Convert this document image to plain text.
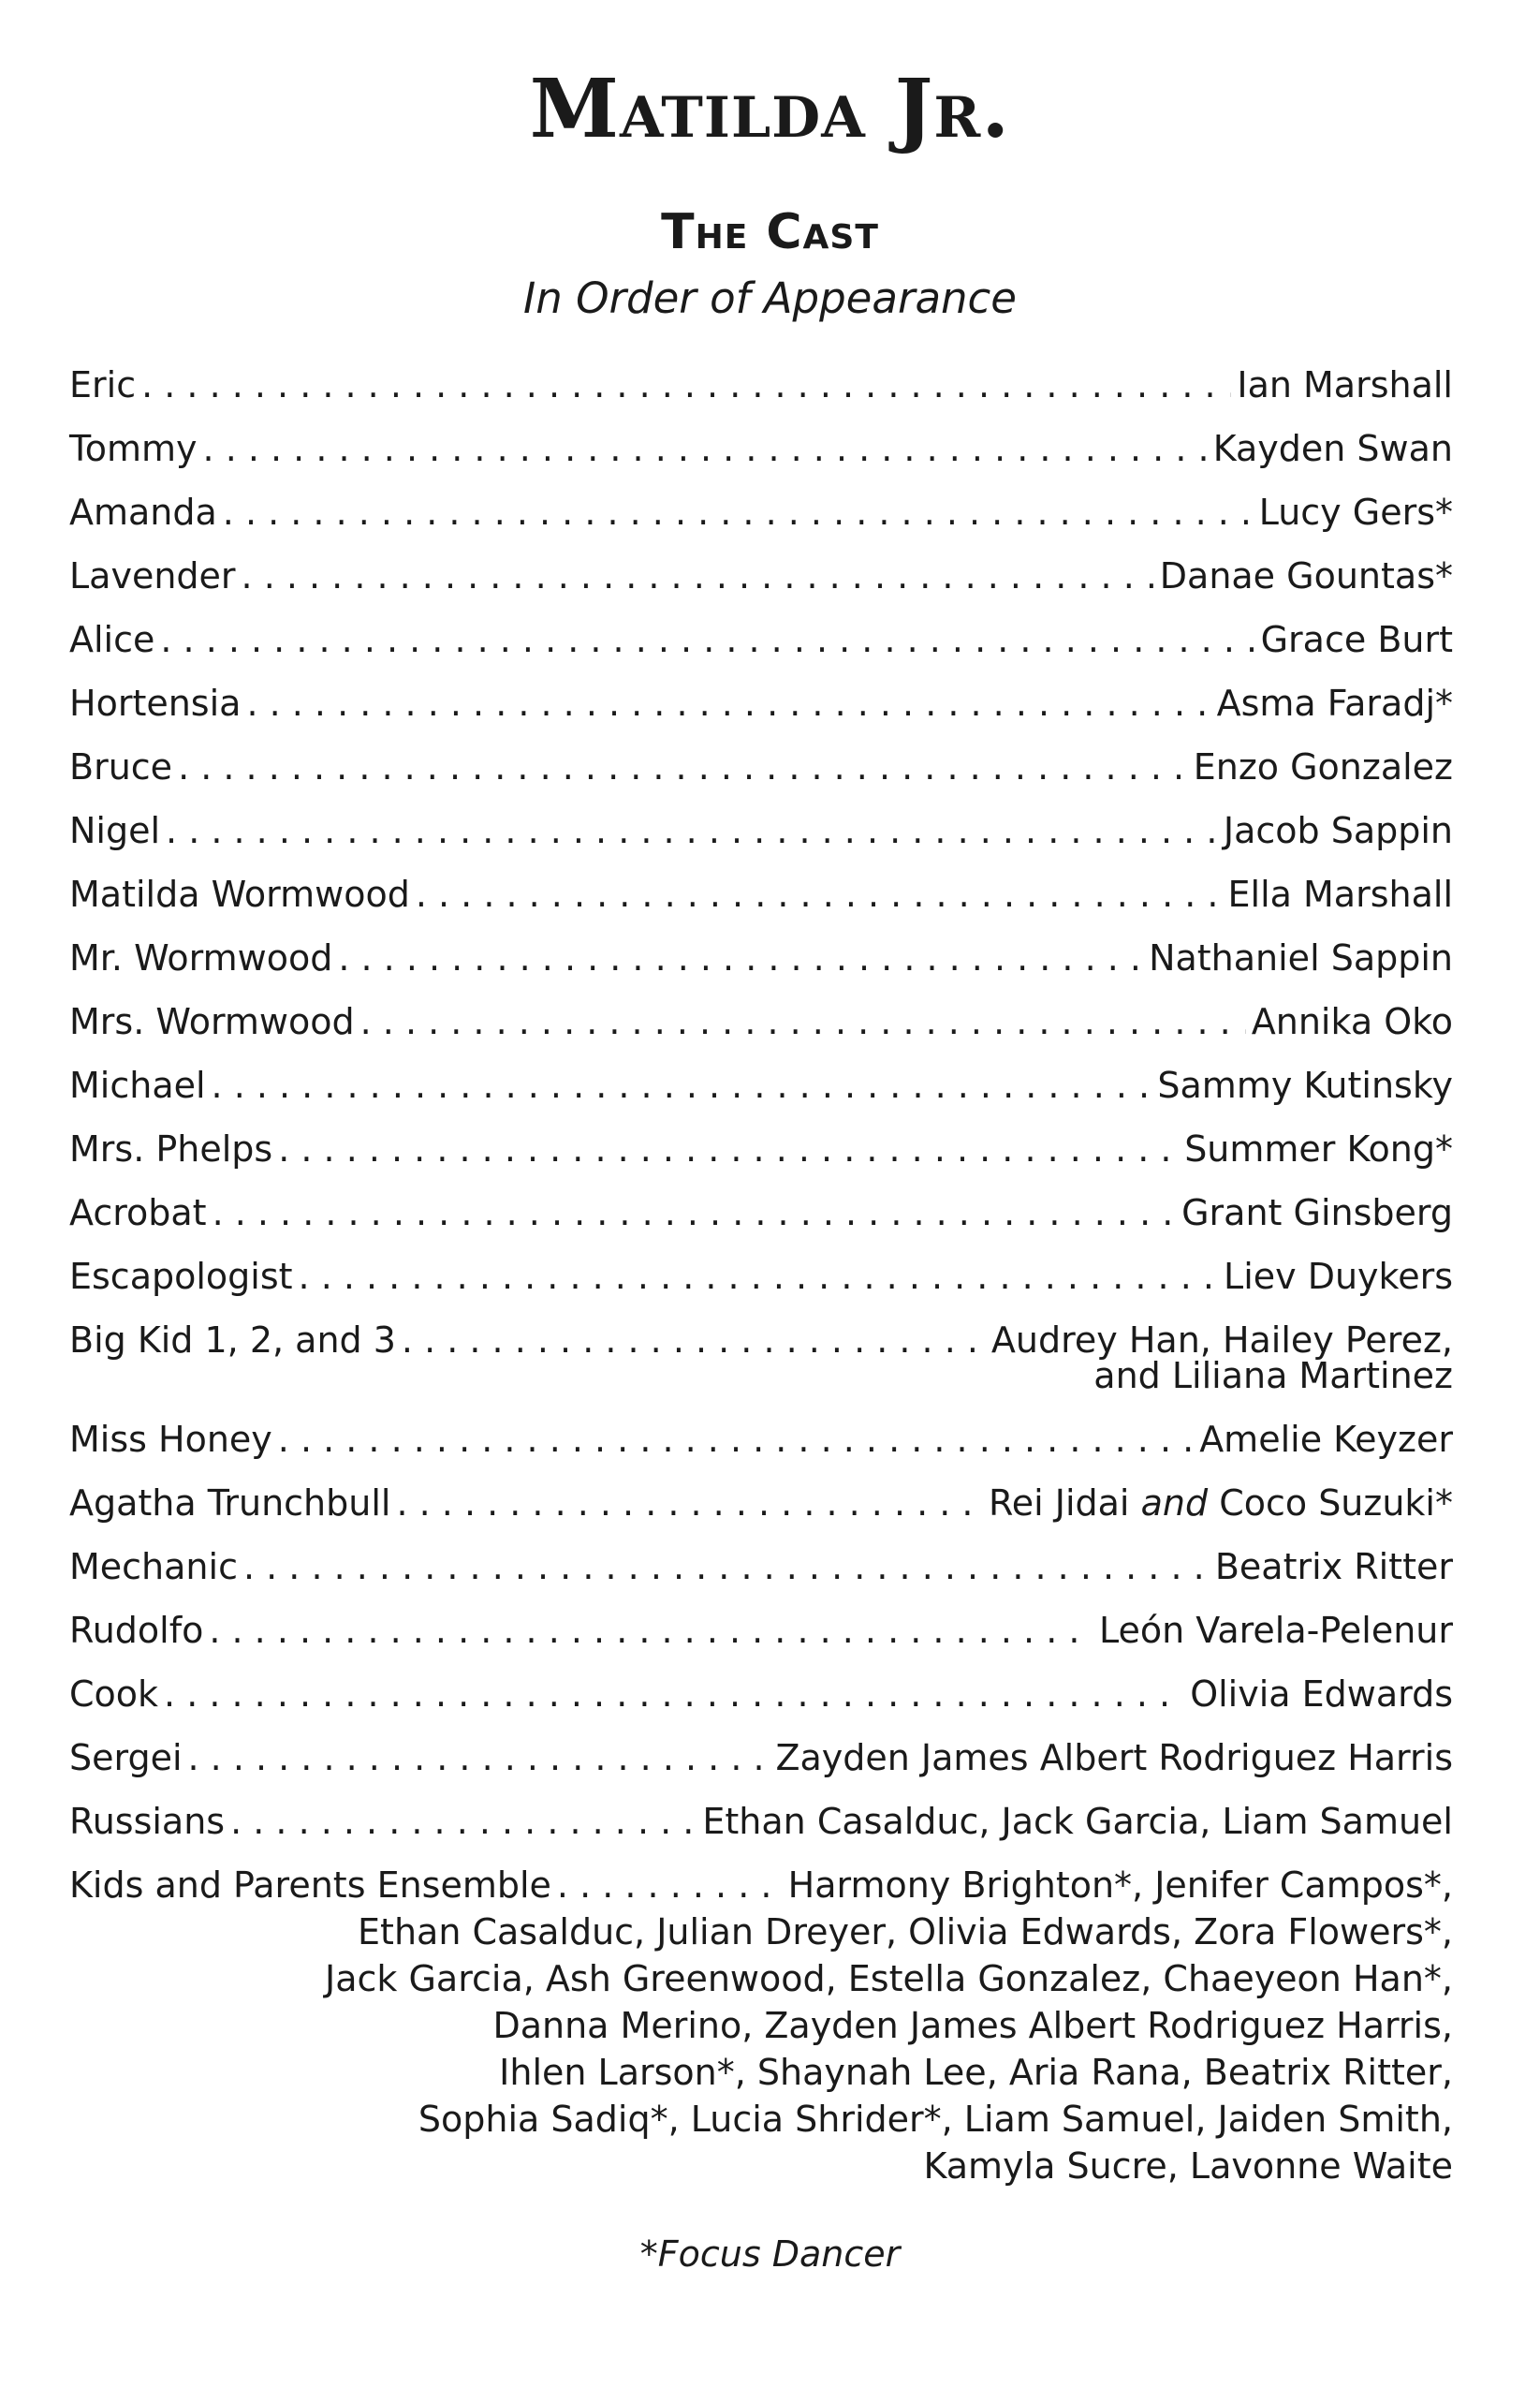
Matilda Jr.
The Cast
In Order of Appearance
Eric . . .	Ian Marshall
Tommy . . .	Kayden Swan
Amanda . . .	Lucy Gers*
Lavender . . .	Danae Gountas*
Alice . . .	Grace Burt
Hortensia . . .	Asma Faradj*
Bruce . . .	Enzo Gonzalez
Nigel . . .	Jacob Sappin
Matilda Wormwood . . .	Ella Marshall
Mr. Wormwood . . .	Nathaniel Sappin
Mrs. Wormwood . . .	Annika Oko
Michael . . .	Sammy Kutinsky
Mrs. Phelps . . .	Summer Kong*
Acrobat . . .	Grant Ginsberg
Escapologist . . .	Liev Duykers
Big Kid 1, 2, and 3 . . .	Audrey Han, Hailey Perez,
and Liliana Martinez
Miss Honey . . .	Amelie Keyzer
Agatha Trunchbull . . .	Rei Jidai and Coco Suzuki*
Mechanic . . .	Beatrix Ritter
Rudolfo . . .	León Varela-Pelenur
Cook . . .	Olivia Edwards
Sergei . . .	Zayden James Albert Rodriguez Harris
Russians . . .	Ethan Casalduc, Jack Garcia, Liam Samuel
Kids and Parents Ensemble . . .	Harmony Brighton*, Jenifer Campos*,
Ethan Casalduc, Julian Dreyer, Olivia Edwards, Zora Flowers*,
Jack Garcia, Ash Greenwood, Estella Gonzalez, Chaeyeon Han*,
Danna Merino, Zayden James Albert Rodriguez Harris,
Ihlen Larson*, Shaynah Lee, Aria Rana, Beatrix Ritter,
Sophia Sadiq*, Lucia Shrider*, Liam Samuel, Jaiden Smith,
Kamyla Sucre, Lavonne Waite
*Focus Dancer
